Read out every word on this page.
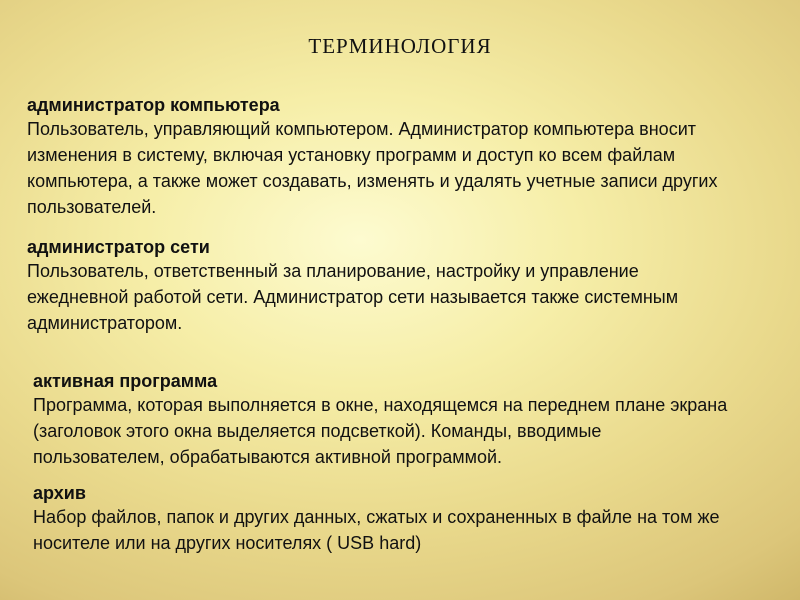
ТЕРМИНОЛОГИЯ
администратор компьютера
Пользователь, управляющий компьютером. Администратор компьютера вносит изменения в систему, включая установку программ и доступ ко всем файлам компьютера, а также может создавать, изменять и удалять учетные записи других пользователей.
администратор сети
Пользователь, ответственный за планирование, настройку и управление ежедневной работой сети. Администратор сети называется также системным администратором.
активная программа
Программа, которая выполняется в окне, находящемся на переднем плане экрана (заголовок этого окна выделяется подсветкой). Команды, вводимые пользователем, обрабатываются активной программой.
архив
Набор файлов, папок и других данных, сжатых и сохраненных в файле на том же носителе или на других носителях ( USB hard)
